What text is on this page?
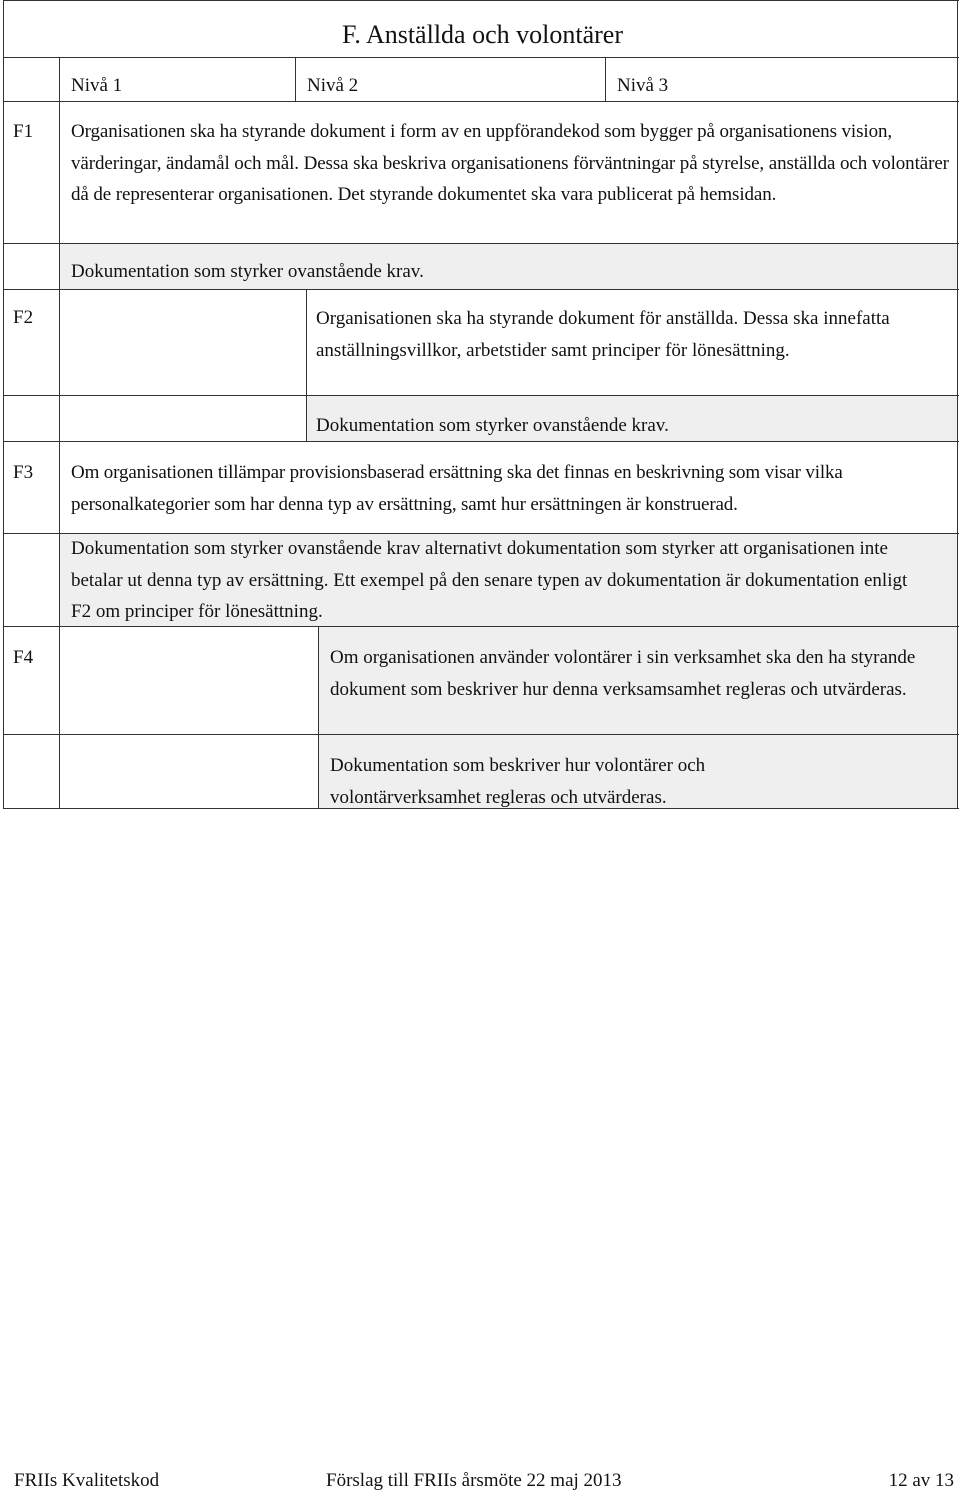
F. Anställda och volontärer
Nivå 1	Nivå 2	Nivå 3
F1 Organisationen ska ha styrande dokument i form av en uppförandekod som bygger på organisationens vision, värderingar, ändamål och mål. Dessa ska beskriva organisationens förväntningar på styrelse, anställda och volontärer då de representerar organisationen. Det styrande dokumentet ska vara publicerat på hemsidan.
Dokumentation som styrker ovanstående krav.
F2	Organisationen ska ha styrande dokument för anställda. Dessa ska innefatta anställningsvillkor, arbetstider samt principer för lönesättning.
Dokumentation som styrker ovanstående krav.
F3 Om organisationen tillämpar provisionsbaserad ersättning ska det finnas en beskrivning som visar vilka personalkategorier som har denna typ av ersättning, samt hur ersättningen är konstruerad.
Dokumentation som styrker ovanstående krav alternativt dokumentation som styrker att organisationen inte betalar ut denna typ av ersättning. Ett exempel på den senare typen av dokumentation är dokumentation enligt F2 om principer för lönesättning.
F4	Om organisationen använder volontärer i sin verksamhet ska den ha styrande dokument som beskriver hur denna verksamsamhet regleras och utvärderas.
Dokumentation som beskriver hur volontärer och volontärverksamhet regleras och utvärderas.
FRIIs Kvalitetskod	Förslag till FRIIs årsmöte 22 maj 2013	12 av 13
